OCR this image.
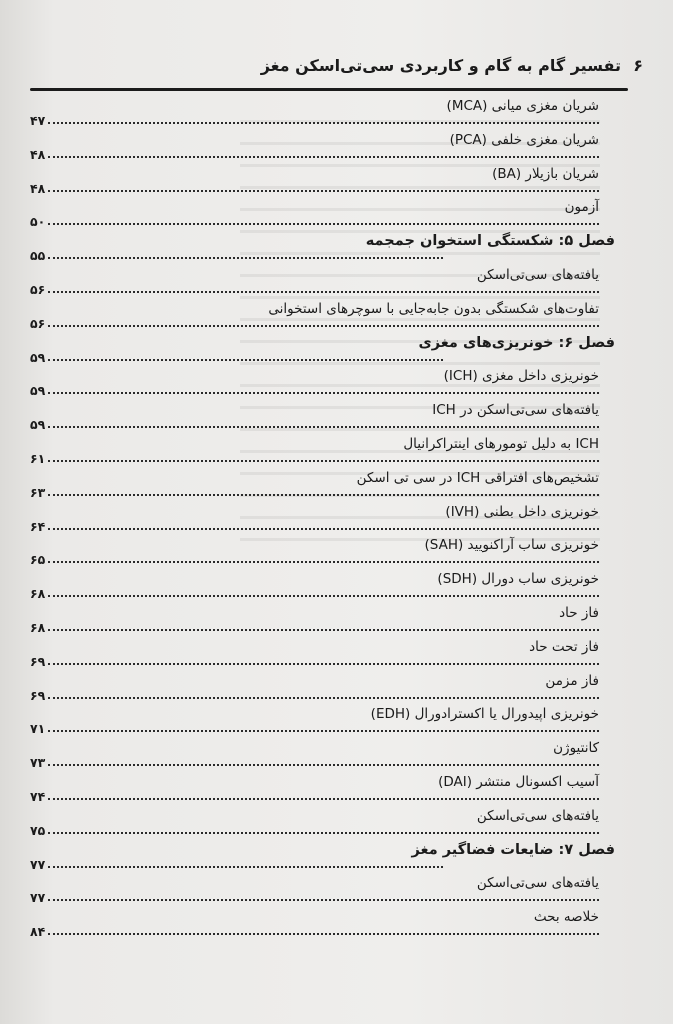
۶
تفسیر گام به گام و کاربردی سی‌تی‌اسکن مغز
شریان مغزی میانی (MCA)
۴۷
شریان مغزی خلفی (PCA)
۴۸
شریان بازیلار (BA)
۴۸
آزمون
۵۰
فصل ۵: شکستگی استخوان جمجمه
۵۵
یافته‌های سی‌تی‌اسکن
۵۶
تفاوت‌های شکستگی بدون جابه‌جایی با سوچرهای استخوانی
۵۶
فصل ۶: خونریزی‌های مغزی
۵۹
خونریزی داخل مغزی (ICH)
۵۹
یافته‌های سی‌تی‌اسکن در ICH
۵۹
ICH به دلیل تومورهای اینتراکرانیال
۶۱
تشخیص‌های افتراقی ICH در سی تی اسکن
۶۳
خونریزی داخل بطنی (IVH)
۶۴
خونریزی ساب آراکنویید (SAH)
۶۵
خونریزی ساب دورال (SDH)
۶۸
فاز حاد
۶۸
فاز تحت حاد
۶۹
فاز مزمن
۶۹
خونریزی اپیدورال یا اکسترادورال (EDH)
۷۱
کانتیوژن
۷۳
آسیب اکسونال منتشر (DAI)
۷۴
یافته‌های سی‌تی‌اسکن
۷۵
فصل ۷: ضایعات فضاگیر مغز
۷۷
یافته‌های سی‌تی‌اسکن
۷۷
خلاصه بحث
۸۴
